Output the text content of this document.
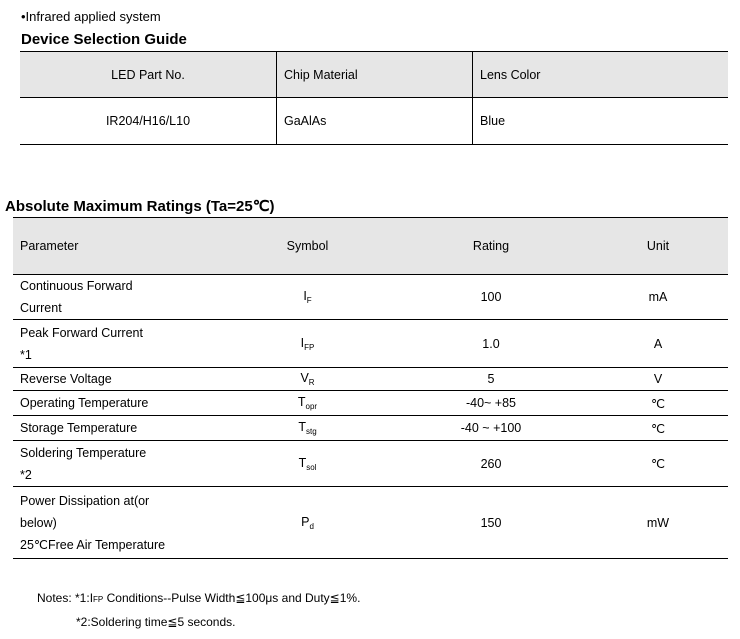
•Infrared applied system
Device Selection Guide
LED Part No.	Chip Material	Lens Color
IR204/H16/L10	GaAlAs	Blue
Absolute Maximum Ratings (Ta=25℃)
Parameter	Symbol	Rating	Unit
Continuous Forward
Current	$I_F$	100	mA
Peak Forward Current
*1	$I_{FP}$	1.0	A
Reverse Voltage	$V_R$	5	V
Operating Temperature	$T_{opr}$	-40~ +85	℃
Storage Temperature	$T_{stg}$	-40 ~ +100	℃
Soldering Temperature
*2	$T_{sol}$	260	℃
Power Dissipation at(or
below)
25℃Free Air Temperature	$P_d$	150	mW
Notes: *1:IFP Conditions--Pulse Width≦100μs and Duty≦1%.
*2:Soldering time≦5 seconds.
